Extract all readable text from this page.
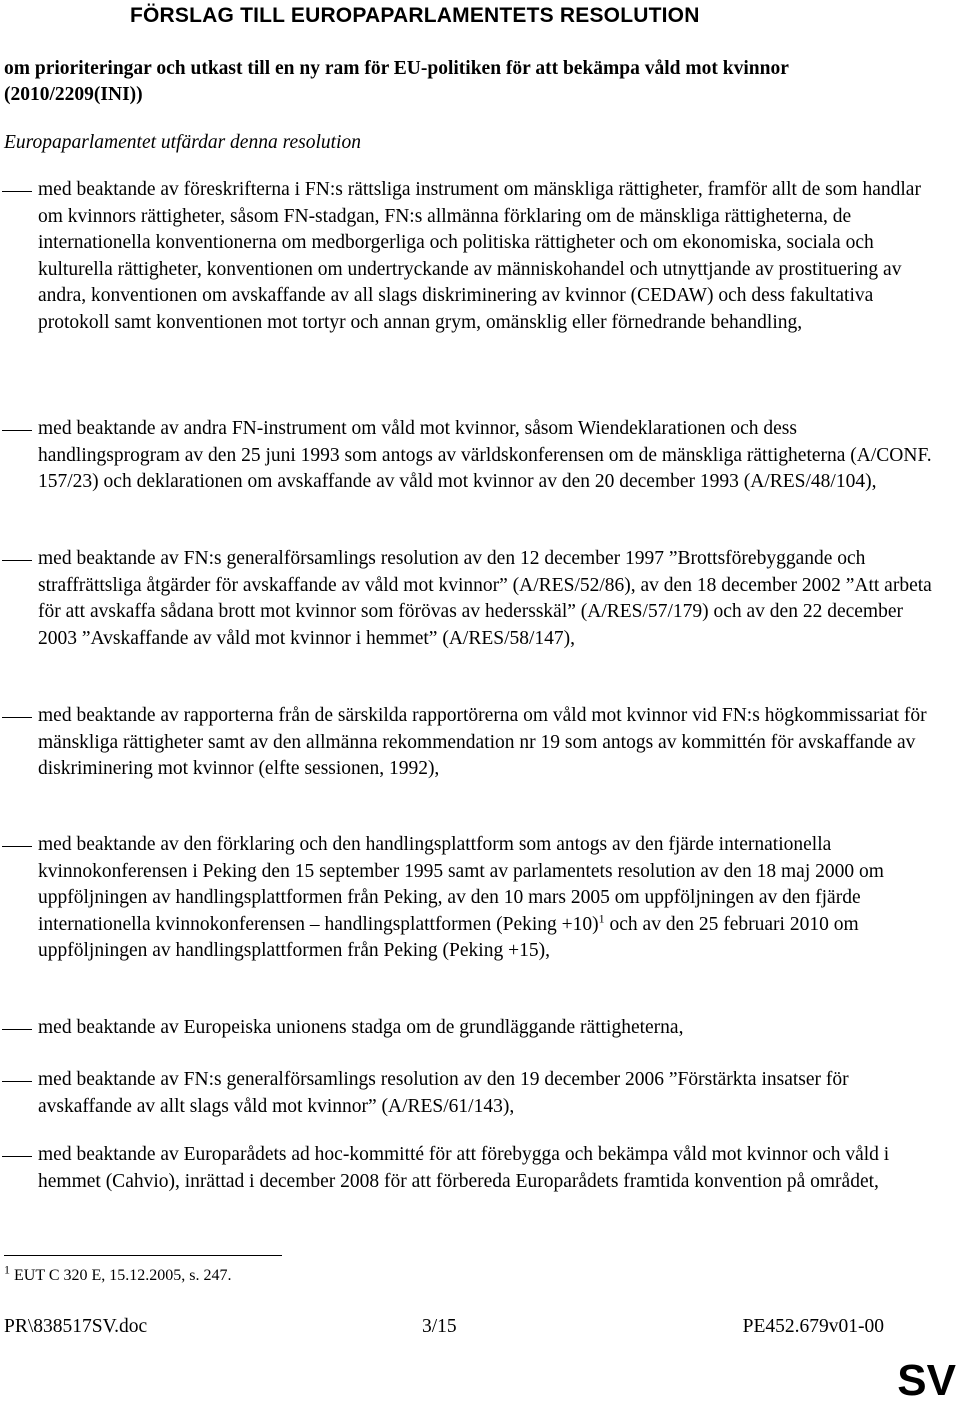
FÖRSLAG TILL EUROPAPARLAMENTETS RESOLUTION
om prioriteringar och utkast till en ny ram för EU-politiken för att bekämpa våld mot kvinnor (2010/2209(INI))
Europaparlamentet utfärdar denna resolution
med beaktande av föreskrifterna i FN:s rättsliga instrument om mänskliga rättigheter, framför allt de som handlar om kvinnors rättigheter, såsom FN-stadgan, FN:s allmänna förklaring om de mänskliga rättigheterna, de internationella konventionerna om medborgerliga och politiska rättigheter och om ekonomiska, sociala och kulturella rättigheter, konventionen om undertryckande av människohandel och utnyttjande av prostituering av andra, konventionen om avskaffande av all slags diskriminering av kvinnor (CEDAW) och dess fakultativa protokoll samt konventionen mot tortyr och annan grym, omänsklig eller förnedrande behandling,
med beaktande av andra FN-instrument om våld mot kvinnor, såsom Wiendeklarationen och dess handlingsprogram av den 25 juni 1993 som antogs av världskonferensen om de mänskliga rättigheterna (A/CONF. 157/23) och deklarationen om avskaffande av våld mot kvinnor av den 20 december 1993 (A/RES/48/104),
med beaktande av FN:s generalförsamlings resolution av den 12 december 1997 ”Brottsförebyggande och straffrättsliga åtgärder för avskaffande av våld mot kvinnor” (A/RES/52/86), av den 18 december 2002 ”Att arbeta för att avskaffa sådana brott mot kvinnor som förövas av hedersskäl” (A/RES/57/179) och av den 22 december 2003 ”Avskaffande av våld mot kvinnor i hemmet” (A/RES/58/147),
med beaktande av rapporterna från de särskilda rapportörerna om våld mot kvinnor vid FN:s högkommissariat för mänskliga rättigheter samt av den allmänna rekommendation nr 19 som antogs av kommittén för avskaffande av diskriminering mot kvinnor (elfte sessionen, 1992),
med beaktande av den förklaring och den handlingsplattform som antogs av den fjärde internationella kvinnokonferensen i Peking den 15 september 1995 samt av parlamentets resolution av den 18 maj 2000 om uppföljningen av handlingsplattformen från Peking, av den 10 mars 2005 om uppföljningen av den fjärde internationella kvinnokonferensen – handlingsplattformen (Peking +10)$^1$ och av den 25 februari 2010 om uppföljningen av handlingsplattformen från Peking (Peking +15),
med beaktande av Europeiska unionens stadga om de grundläggande rättigheterna,
med beaktande av FN:s generalförsamlings resolution av den 19 december 2006 ”Förstärkta insatser för avskaffande av allt slags våld mot kvinnor” (A/RES/61/143),
med beaktande av Europarådets ad hoc-kommitté för att förebygga och bekämpa våld mot kvinnor och våld i hemmet (Cahvio), inrättad i december 2008 för att förbereda Europarådets framtida konvention på området,
$^1$ EUT C 320 E, 15.12.2005, s. 247.
PR\838517SV.doc	3/15	PE452.679v01-00
SV
